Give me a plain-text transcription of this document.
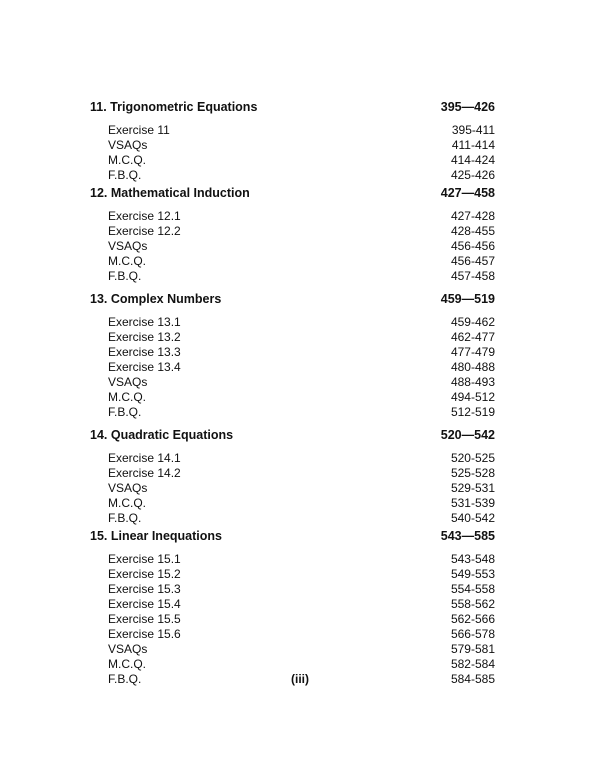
11. Trigonometric Equations	395—426
Exercise 11	395-411
VSAQs	411-414
M.C.Q.	414-424
F.B.Q.	425-426
12. Mathematical Induction	427—458
Exercise 12.1	427-428
Exercise 12.2	428-455
VSAQs	456-456
M.C.Q.	456-457
F.B.Q.	457-458
13. Complex Numbers	459—519
Exercise 13.1	459-462
Exercise 13.2	462-477
Exercise 13.3	477-479
Exercise 13.4	480-488
VSAQs	488-493
M.C.Q.	494-512
F.B.Q.	512-519
14. Quadratic Equations	520—542
Exercise 14.1	520-525
Exercise 14.2	525-528
VSAQs	529-531
M.C.Q.	531-539
F.B.Q.	540-542
15. Linear Inequations	543—585
Exercise 15.1	543-548
Exercise 15.2	549-553
Exercise 15.3	554-558
Exercise 15.4	558-562
Exercise 15.5	562-566
Exercise 15.6	566-578
VSAQs	579-581
M.C.Q.	582-584
F.B.Q.	584-585
(iii)
